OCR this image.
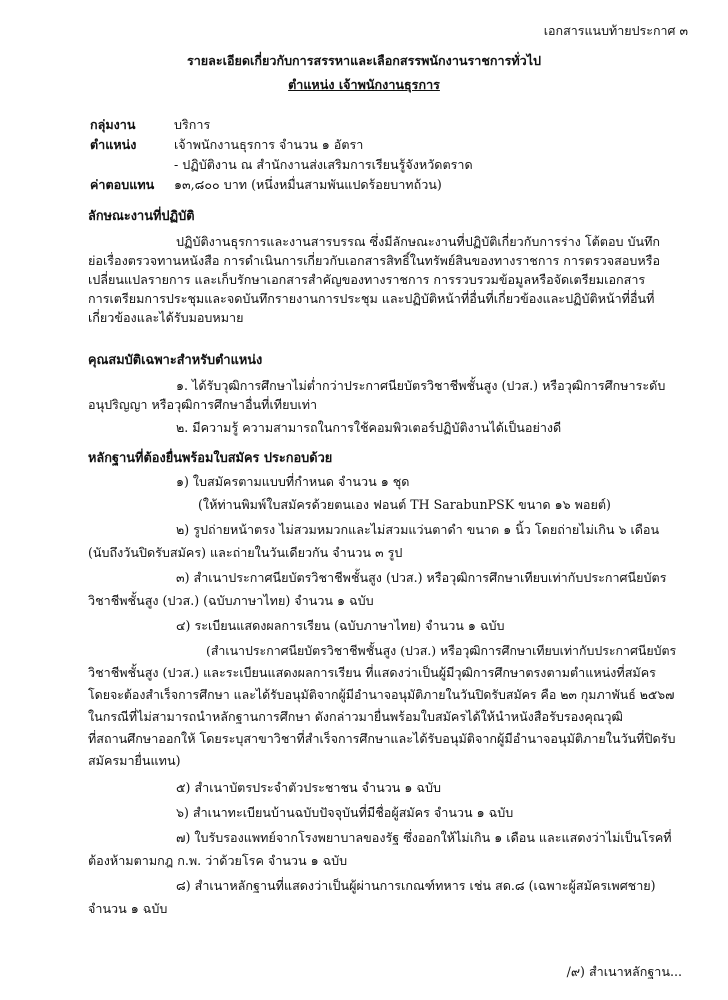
เอกสารแนบท้ายประกาศ ๓
รายละเอียดเกี่ยวกับการสรรหาและเลือกสรรพนักงานราชการทั่วไป
ตำแหน่ง เจ้าพนักงานธุรการ
กลุ่มงาน	บริการ
ตำแหน่ง	เจ้าพนักงานธุรการ จำนวน ๑ อัตรา
- ปฏิบัติงาน ณ สำนักงานส่งเสริมการเรียนรู้จังหวัดตราด
ค่าตอบแทน	๑๓,๘๐๐ บาท (หนึ่งหมื่นสามพันแปดร้อยบาทถ้วน)
ลักษณะงานที่ปฏิบัติ
ปฏิบัติงานธุรการและงานสารบรรณ ซึ่งมีลักษณะงานที่ปฏิบัติเกี่ยวกับการร่าง โต้ตอบ บันทึก
ย่อเรื่องตรวจทานหนังสือ การดำเนินการเกี่ยวกับเอกสารสิทธิ์ในทรัพย์สินของทางราชการ การตรวจสอบหรือ
เปลี่ยนแปลรายการ และเก็บรักษาเอกสารสำคัญของทางราชการ การรวบรวมข้อมูลหรือจัดเตรียมเอกสาร
การเตรียมการประชุมและจดบันทึกรายงานการประชุม และปฏิบัติหน้าที่อื่นที่เกี่ยวข้องและปฏิบัติหน้าที่อื่นที่
เกี่ยวข้องและได้รับมอบหมาย
คุณสมบัติเฉพาะสำหรับตำแหน่ง
๑. ได้รับวุฒิการศึกษาไม่ต่ำกว่าประกาศนียบัตรวิชาชีพชั้นสูง (ปวส.) หรือวุฒิการศึกษาระดับ
อนุปริญญา หรือวุฒิการศึกษาอื่นที่เทียบเท่า
๒. มีความรู้ ความสามารถในการใช้คอมพิวเตอร์ปฏิบัติงานได้เป็นอย่างดี
หลักฐานที่ต้องยื่นพร้อมใบสมัคร ประกอบด้วย
๑) ใบสมัครตามแบบที่กำหนด จำนวน ๑ ชุด
(ให้ท่านพิมพ์ใบสมัครด้วยตนเอง ฟอนต์ TH SarabunPSK ขนาด ๑๖ พอยต์)
๒) รูปถ่ายหน้าตรง ไม่สวมหมวกและไม่สวมแว่นตาดำ ขนาด ๑ นิ้ว โดยถ่ายไม่เกิน ๖ เดือน
(นับถึงวันปิดรับสมัคร) และถ่ายในวันเดียวกัน จำนวน ๓ รูป
๓) สำเนาประกาศนียบัตรวิชาชีพชั้นสูง (ปวส.) หรือวุฒิการศึกษาเทียบเท่ากับประกาศนียบัตร
วิชาชีพชั้นสูง (ปวส.) (ฉบับภาษาไทย) จำนวน ๑ ฉบับ
๔) ระเบียนแสดงผลการเรียน (ฉบับภาษาไทย) จำนวน ๑ ฉบับ
(สำเนาประกาศนียบัตรวิชาชีพชั้นสูง (ปวส.) หรือวุฒิการศึกษาเทียบเท่ากับประกาศนียบัตร
วิชาชีพชั้นสูง (ปวส.) และระเบียนแสดงผลการเรียน ที่แสดงว่าเป็นผู้มีวุฒิการศึกษาตรงตามตำแหน่งที่สมัคร
โดยจะต้องสำเร็จการศึกษา และได้รับอนุมัติจากผู้มีอำนาจอนุมัติภายในวันปิดรับสมัคร คือ ๒๓ กุมภาพันธ์ ๒๕๖๗
ในกรณีที่ไม่สามารถนำหลักฐานการศึกษา ดังกล่าวมายื่นพร้อมใบสมัครได้ให้นำหนังสือรับรองคุณวุฒิ
ที่สถานศึกษาออกให้ โดยระบุสาขาวิชาที่สำเร็จการศึกษาและได้รับอนุมัติจากผู้มีอำนาจอนุมัติภายในวันที่ปิดรับ
สมัครมายื่นแทน)
๕) สำเนาบัตรประจำตัวประชาชน จำนวน ๑ ฉบับ
๖) สำเนาทะเบียนบ้านฉบับปัจจุบันที่มีชื่อผู้สมัคร จำนวน ๑ ฉบับ
๗) ใบรับรองแพทย์จากโรงพยาบาลของรัฐ ซึ่งออกให้ไม่เกิน ๑ เดือน และแสดงว่าไม่เป็นโรคที่
ต้องห้ามตามกฎ ก.พ. ว่าด้วยโรค จำนวน ๑ ฉบับ
๘) สำเนาหลักฐานที่แสดงว่าเป็นผู้ผ่านการเกณฑ์ทหาร เช่น สด.๘ (เฉพาะผู้สมัครเพศชาย)
จำนวน ๑ ฉบับ
/๙) สำเนาหลักฐาน...
